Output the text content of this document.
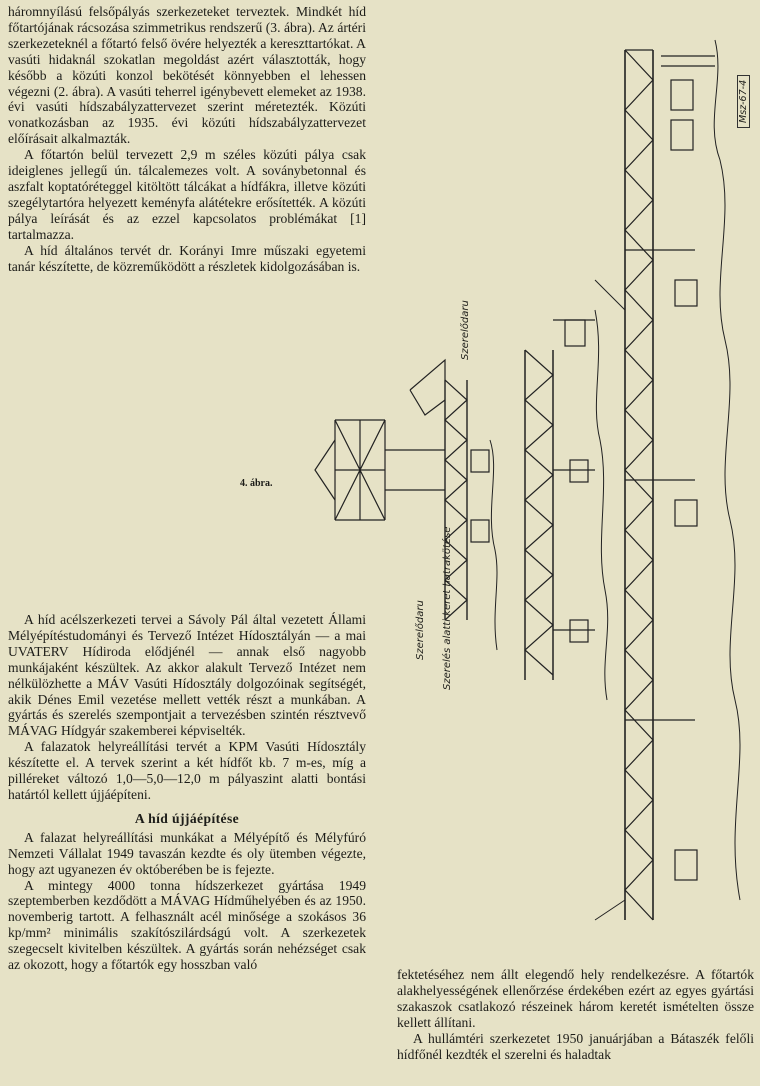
háromnyílású felsőpályás szerkezeteket terveztek. Mindkét híd főtartójának rácsozása szimmetrikus rendszerű (3. ábra). Az ártéri szerkezeteknél a főtartó felső övére helyezték a kereszttartókat. A vasúti hidaknál szokatlan megoldást azért választották, hogy később a közúti konzol bekötését könnyebben el lehessen végezni (2. ábra). A vasúti teherrel igénybevett elemeket az 1938. évi vasúti hídszabályzattervezet szerint méretezték. Közúti vonatkozásban az 1935. évi közúti hídszabályzattervezet előírásait alkalmazták.

A főtartón belül tervezett 2,9 m széles közúti pálya csak ideiglenes jellegű ún. tálcalemezes volt. A soványbetonnal és aszfalt koptatóréteggel kitöltött tálcákat a hídfákra, illetve közúti szegélytartóra helyezett keményfa alátétekre erősítették. A közúti pálya leírását és az ezzel kapcsolatos problémákat [1] tartalmazza.

A híd általános tervét dr. Korányi Imre műszaki egyetemi tanár készítette, de közreműködött a részletek kidolgozásában is.

Szerelődaru
Szerelődaru Szerelés alatti keret hatrakötése
4. ábra.
Msz-67-4

A híd acélszerkezeti tervei a Sávoly Pál által vezetett Állami Mélyépítéstudományi és Tervező Intézet Hídosztályán — a mai UVATERV Hídiroda elődjénél — annak első nagyobb munkájaként készültek. Az akkor alakult Tervező Intézet nem nélkülözhette a MÁV Vasúti Hídosztály dolgozóinak segítségét, akik Dénes Emil vezetése mellett vették részt a munkában. A gyártás és szerelés szempontjait a tervezésben szintén résztvevő MÁVAG Hídgyár szakemberei képviselték.

A falazatok helyreállítási tervét a KPM Vasúti Hídosztály készítette el. A tervek szerint a két hídfőt kb. 7 m-es, míg a pilléreket változó 1,0—5,0—12,0 m pályaszint alatti bontási határtól kellett újjáépíteni.

A híd újjáépítése

A falazat helyreállítási munkákat a Mélyépítő és Mélyfúró Nemzeti Vállalat 1949 tavaszán kezdte és oly ütemben végezte, hogy azt ugyanezen év októberében be is fejezte.

A mintegy 4000 tonna hídszerkezet gyártása 1949 szeptemberben kezdődött a MÁVAG Hídműhelyében és az 1950. novemberig tartott. A felhasznált acél minősége a szokásos 36 kp/mm² minimális szakítószilárdságú volt. A szerkezetek szegecselt kivitelben készültek. A gyártás során nehézséget csak az okozott, hogy a főtartók egy hosszban való

fektetéséhez nem állt elegendő hely rendelkezésre. A főtartók alakhelyességének ellenőrzése érdekében ezért az egyes gyártási szakaszok csatlakozó részeinek három keretét ismételten össze kellett állítani.

A hullámtéri szerkezetet 1950 januárjában a Bátaszék felőli hídfőnél kezdték el szerelni és haladtak
